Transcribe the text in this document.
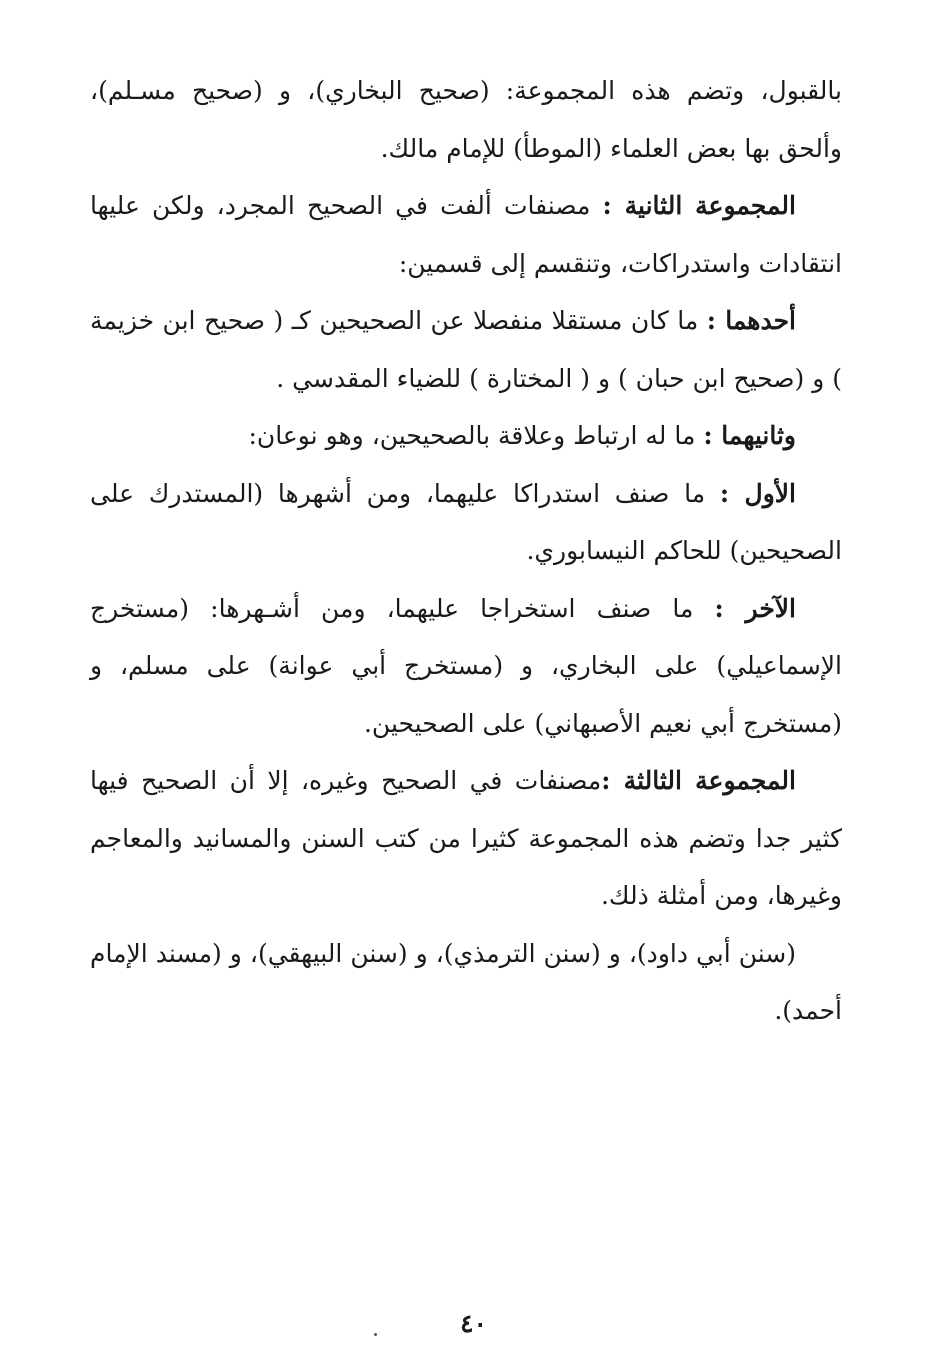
بالقبول، وتضم هذه المجموعة: (صحيح البخاري)، و (صحيح مسـلم)، وألحق بها بعض العلماء (الموطأ) للإمام مالك.

المجموعة الثانية : مصنفات ألفت في الصحيح المجرد، ولكن عليها انتقادات واستدراكات، وتنقسم إلى قسمين:

أحدهما : ما كان مستقلا منفصلا عن الصحيحين كـ ( صحيح ابن خزيمة ) و (صحيح ابن حبان ) و ( المختارة ) للضياء المقدسي .

وثانيهما : ما له ارتباط وعلاقة بالصحيحين، وهو نوعان:

الأول : ما صنف استدراكا عليهما، ومن أشهرها (المستدرك على الصحيحين) للحاكم النيسابوري.

الآخر : ما صنف استخراجا عليهما، ومن أشـهرها: (مستخرج الإسماعيلي) على البخاري، و (مستخرج أبي عوانة) على مسلم، و (مستخرج أبي نعيم الأصبهاني) على الصحيحين.

المجموعة الثالثة :مصنفات في الصحيح وغيره، إلا أن الصحيح فيها كثير جدا وتضم هذه المجموعة كثيرا من كتب السنن والمسانيد والمعاجم وغيرها، ومن أمثلة ذلك.

(سنن أبي داود)، و (سنن الترمذي)، و (سنن البيهقي)، و (مسند الإمام أحمد).

٤٠
